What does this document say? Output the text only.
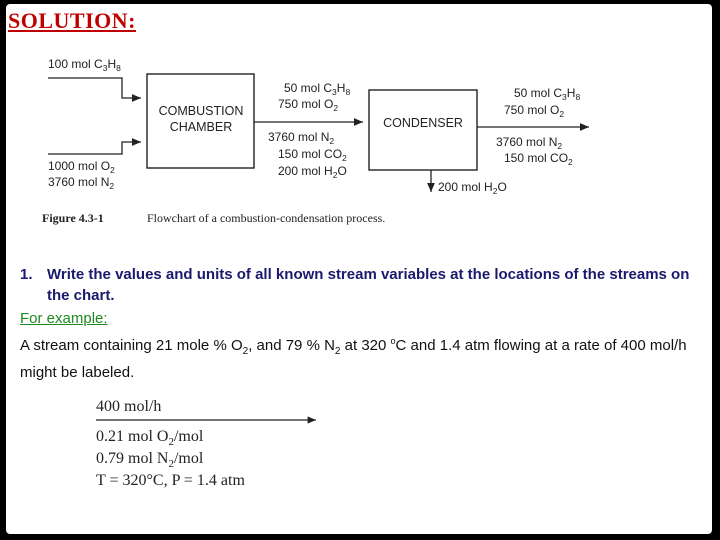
SOLUTION:
100 mol $C_3H_8$
1000 mol $O_2$
3760 mol $N_2$
COMBUSTION
CHAMBER
50 mol $C_3H_8$
750 mol $O_2$
3760 mol $N_2$
150 mol $CO_2$
200 mol $H_2O$
CONDENSER
50 mol $C_3H_8$
750 mol $O_2$
3760 mol $N_2$
150 mol $CO_2$
200 mol $H_2O$
Figure 4.3-1	Flowchart of a combustion-condensation process.
1. Write the values and units of all known stream variables at the locations of the streams on the chart.
For example:
A stream containing 21 mole % $O_2$, and 79 % $N_2$ at 320 $^o$C and 1.4 atm flowing at a rate of 400 mol/h might be labeled.
400 mol/h
0.21 mol $O_2$/mol
0.79 mol $N_2$/mol
T = 320°C, P = 1.4 atm
